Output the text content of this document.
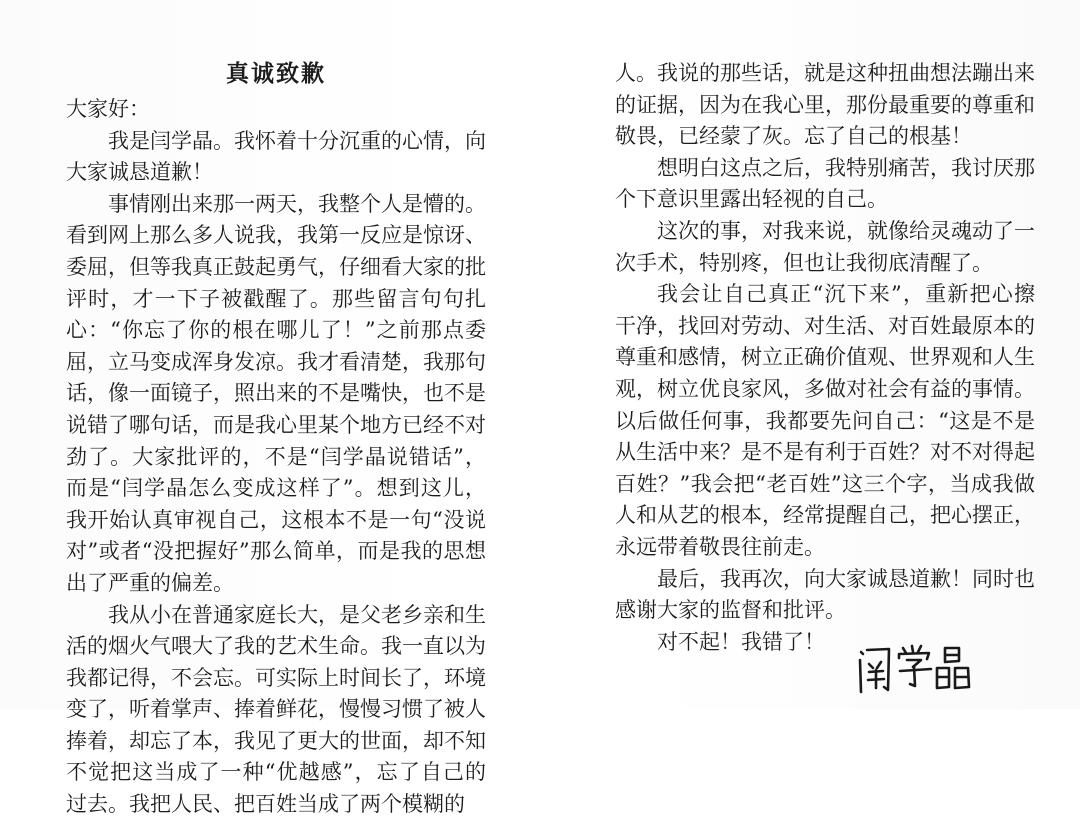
真诚致歉

大家好：

我是闫学晶。我怀着十分沉重的心情，向大家诚恳道歉！

事情刚出来那一两天，我整个人是懵的。看到网上那么多人说我，我第一反应是惊讶、委屈，但等我真正鼓起勇气，仔细看大家的批评时，才一下子被戳醒了。那些留言句句扎心：“你忘了你的根在哪儿了！”之前那点委屈，立马变成浑身发凉。我才看清楚，我那句话，像一面镜子，照出来的不是嘴快，也不是说错了哪句话，而是我心里某个地方已经不对劲了。大家批评的，不是“闫学晶说错话”，而是“闫学晶怎么变成这样了”。想到这儿，我开始认真审视自己，这根本不是一句“没说对”或者“没把握好”那么简单，而是我的思想出了严重的偏差。

我从小在普通家庭长大，是父老乡亲和生活的烟火气喂大了我的艺术生命。我一直以为我都记得，不会忘。可实际上时间长了，环境变了，听着掌声、捧着鲜花，慢慢习惯了被人捧着，却忘了本，我见了更大的世面，却不知不觉把这当成了一种“优越感”，忘了自己的过去。我把人民、把百姓当成了两个模糊的

人。我说的那些话，就是这种扭曲想法蹦出来的证据，因为在我心里，那份最重要的尊重和敬畏，已经蒙了灰。忘了自己的根基！

想明白这点之后，我特别痛苦，我讨厌那个下意识里露出轻视的自己。

这次的事，对我来说，就像给灵魂动了一次手术，特别疼，但也让我彻底清醒了。

我会让自己真正“沉下来”，重新把心擦干净，找回对劳动、对生活、对百姓最原本的尊重和感情，树立正确价值观、世界观和人生观，树立优良家风，多做对社会有益的事情。以后做任何事，我都要先问自己：“这是不是从生活中来？是不是有利于百姓？对不对得起百姓？”我会把“老百姓”这三个字，当成我做人和从艺的根本，经常提醒自己，把心摆正，永远带着敬畏往前走。

最后，我再次，向大家诚恳道歉！同时也感谢大家的监督和批评。

对不起！我错了！
